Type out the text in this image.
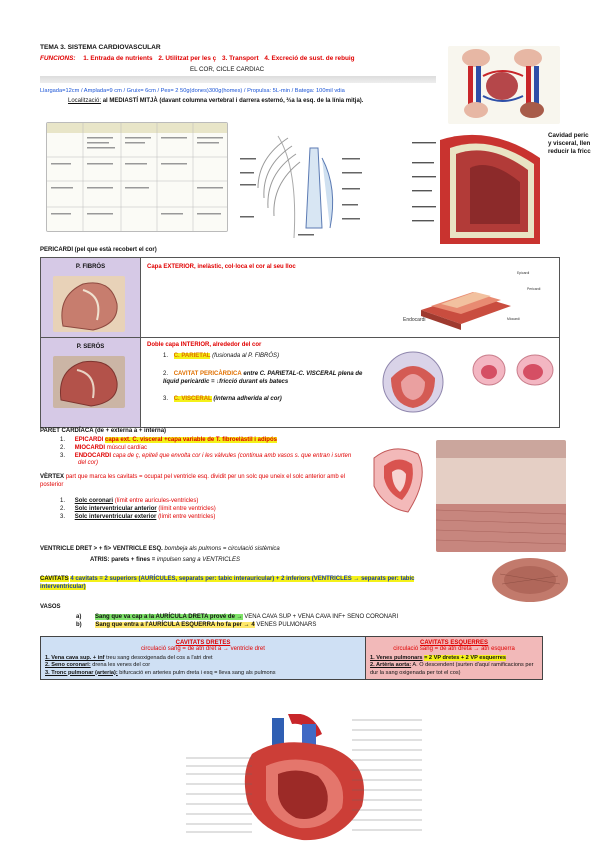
TEMA 3. SISTEMA CARDIOVASCULAR
FUNCIONS: 1. Entrada de nutrients 2. Utilitzat per les ç 3. Transport 4. Excreció de sust. de rebuig
EL COR, CICLE CARDIAC
Llargada=12cm / Amplada=9 cm / Gruix= 6cm / Pes= 2 50g(dones)300g(homes) / Propulsa: 5L-min / Batega: 100mil vdia
Localització: al MEDIASTÍ MITJÀ (davant columna vertebral i darrera esternó, ⅔a la esq. de la línia mitja).
Cavidad peric
y visceral, llen
reducir la fricc
PERICARDI (pel que està recobert el cor)
P. FIBRÓS	Capa EXTERIOR, inelàstic, col·loca el cor al seu lloc
Epicardi
Pericardi
Endocardi Miocardi

P. SERÓS	Doble capa INTERIOR, alrededor del cor
1. C. PARIETAL (fusionada al P. FIBRÓS)
2. CAVITAT PERICÀRDICA entre C. PARIETAL-C. VISCERAL plena de líquid pericàrdic = ↓fricció durant els batecs
3. C. VISCERAL (interna adherida al cor)
PARET CARDÍACA (de + externa a + interna)
1. EPICARDI capa ext. C. visceral +capa variable de T. fibroelàstil i adipós
2. MIOCARDI múscul cardíac
3. ENDOCARDI capa de ç, epiteli que envolta cor i les vàlvules (continua amb vasos s. que entran i surten del cor)
VÈRTEX part que marca les cavitats = ocupat pel ventricle esq. dividit per un solc que uneix el solc anterior amb el posterior
1. Solc coronari (límit entre aurícules-ventricles)
2. Solc interventricular anterior (límit entre ventricles)
3. Solc interventricular exterior (límit entre ventricles)
VENTRICLE DRET > + fi> VENTRICLE ESQ. bombeja als pulmons = circulació sistèmica
ATRIS: parets + fines = impulsen sang a VENTRICLES
CAVITATS 4 cavitats = 2 superiors (AURÍCULES, separats per: tabic interauricular) + 2 inferiors (VENTRICLES → separats per: tabic interventricular)
VASOS
a) Sang que va cap a la AURÍCULA DRETA prové de → VENA CAVA SUP + VENA CAVA INF+ SENO CORONARI
b) Sang que entra a l'AURÍCULA ESQUERRA ho fa per → 4 VENES PULMONARS
CAVITATS DRETES
circulació sang = de atri dret a → ventricle dret
1. Vena cava sup. + inf treu sang desoxigenada del cos a l'atri dret
2. Seno coronari: drena les venes del cor
3. Tronc pulmonar (arteria): bifurcació en arteries pulm dreta i esq = lleva sang als pulmons
CAVITATS ESQUERRES
circulació sang = de atri dreta → atri esquerra
1. Venes pulmonars = 2 VP dretes + 2 VP esquerres
2. Artèria aorta: A. O descendent (surten d'aquí ramificacions per dur la sang oxigenada per tot el cos)
